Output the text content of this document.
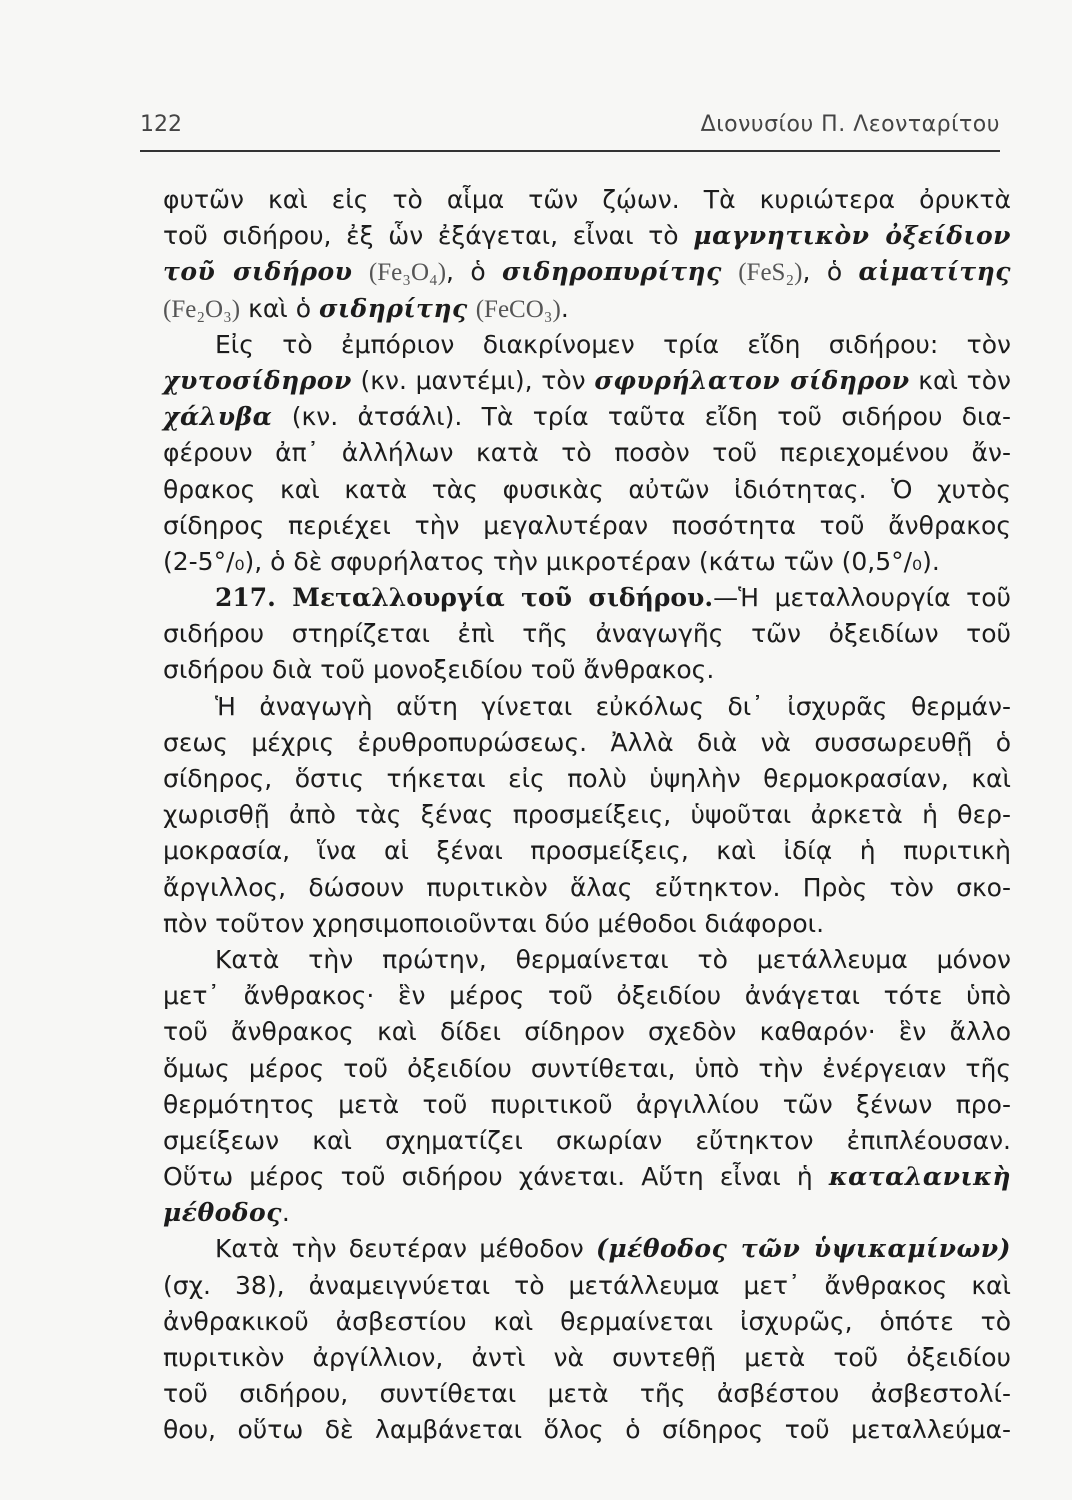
122	Διονυσίου Π. Λεονταρίτου
φυτῶν καὶ εἰς τὸ αἷμα τῶν ζῴων. Τὰ κυριώτερα ὀρυκτὰ
τοῦ σιδήρου, ἐξ ὧν ἐξάγεται, εἶναι τὸ μαγνητικὸν ὀξείδιον
τοῦ σιδήρου (Fe₃O₄), ὁ σιδηροπυρίτης (FeS₂), ὁ αἱματίτης
(Fe₂O₃) καὶ ὁ σιδηρίτης (FeCO₃).
Εἰς τὸ ἐμπόριον διακρίνομεν τρία εἴδη σιδήρου: τὸν
χυτοσίδηρον (κν. μαντέμι), τὸν σφυρήλατον σίδηρον καὶ τὸν
χάλυβα (κν. ἀτσάλι). Τὰ τρία ταῦτα εἴδη τοῦ σιδήρου δια-
φέρουν ἀπ᾽ ἀλλήλων κατὰ τὸ ποσὸν τοῦ περιεχομένου ἄν-
θρακος καὶ κατὰ τὰς φυσικὰς αὐτῶν ἰδιότητας. Ὁ χυτὸς
σίδηρος περιέχει τὴν μεγαλυτέραν ποσότητα τοῦ ἄνθρακος
(2-5°/₀), ὁ δὲ σφυρήλατος τὴν μικροτέραν (κάτω τῶν (0,5°/₀).
217. Μεταλλουργία τοῦ σιδήρου.—Ἡ μεταλλουργία τοῦ
σιδήρου στηρίζεται ἐπὶ τῆς ἀναγωγῆς τῶν ὀξειδίων τοῦ
σιδήρου διὰ τοῦ μονοξειδίου τοῦ ἄνθρακος.
Ἡ ἀναγωγὴ αὕτη γίνεται εὐκόλως δι᾽ ἰσχυρᾶς θερμάν-
σεως μέχρις ἐρυθροπυρώσεως. Ἀλλὰ διὰ νὰ συσσωρευθῇ ὁ
σίδηρος, ὅστις τήκεται εἰς πολὺ ὑψηλὴν θερμοκρασίαν, καὶ
χωρισθῇ ἀπὸ τὰς ξένας προσμείξεις, ὑψοῦται ἀρκετὰ ἡ θερ-
μοκρασία, ἵνα αἱ ξέναι προσμείξεις, καὶ ἰδίᾳ ἡ πυριτικὴ
ἄργιλλος, δώσουν πυριτικὸν ἅλας εὔτηκτον. Πρὸς τὸν σκο-
πὸν τοῦτον χρησιμοποιοῦνται δύο μέθοδοι διάφοροι.
Κατὰ τὴν πρώτην, θερμαίνεται τὸ μετάλλευμα μόνον
μετ᾽ ἄνθρακος· ἓν μέρος τοῦ ὀξειδίου ἀνάγεται τότε ὑπὸ
τοῦ ἄνθρακος καὶ δίδει σίδηρον σχεδὸν καθαρόν· ἓν ἄλλο
ὅμως μέρος τοῦ ὀξειδίου συντίθεται, ὑπὸ τὴν ἐνέργειαν τῆς
θερμότητος μετὰ τοῦ πυριτικοῦ ἀργιλλίου τῶν ξένων προ-
σμείξεων καὶ σχηματίζει σκωρίαν εὔτηκτον ἐπιπλέουσαν.
Οὕτω μέρος τοῦ σιδήρου χάνεται. Αὕτη εἶναι ἡ καταλανικὴ
μέθοδος.
Κατὰ τὴν δευτέραν μέθοδον (μέθοδος τῶν ὑψικαμίνων)
(σχ. 38), ἀναμειγνύεται τὸ μετάλλευμα μετ᾽ ἄνθρακος καὶ
ἀνθρακικοῦ ἀσβεστίου καὶ θερμαίνεται ἰσχυρῶς, ὁπότε τὸ
πυριτικὸν ἀργίλλιον, ἀντὶ νὰ συντεθῇ μετὰ τοῦ ὀξειδίου
τοῦ σιδήρου, συντίθεται μετὰ τῆς ἀσβέστου ἀσβεστολί-
θου, οὕτω δὲ λαμβάνεται ὅλος ὁ σίδηρος τοῦ μεταλλεύμα-
